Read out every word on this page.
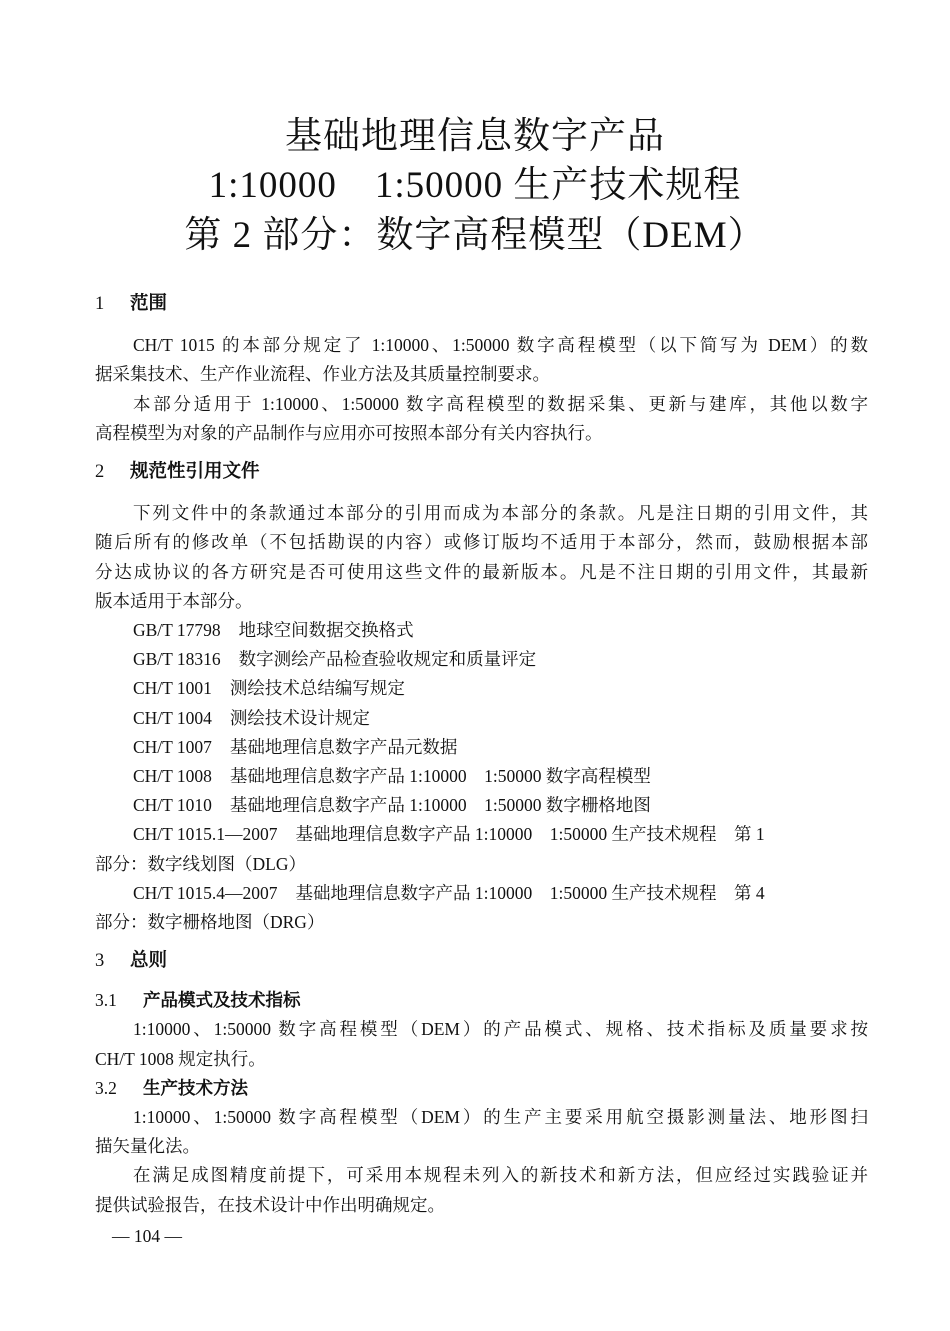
基础地理信息数字产品
1:10000　1:50000 生产技术规程
第 2 部分：数字高程模型（DEM）
1 范围
CH/T 1015 的本部分规定了 1:10000、1:50000 数字高程模型（以下简写为 DEM）的数
据采集技术、生产作业流程、作业方法及其质量控制要求。
本部分适用于 1:10000、1:50000 数字高程模型的数据采集、更新与建库，其他以数字
高程模型为对象的产品制作与应用亦可按照本部分有关内容执行。
2 规范性引用文件
下列文件中的条款通过本部分的引用而成为本部分的条款。凡是注日期的引用文件，其
随后所有的修改单（不包括勘误的内容）或修订版均不适用于本部分，然而，鼓励根据本部
分达成协议的各方研究是否可使用这些文件的最新版本。凡是不注日期的引用文件，其最新
版本适用于本部分。
GB/T 17798 地球空间数据交换格式
GB/T 18316 数字测绘产品检查验收规定和质量评定
CH/T 1001 测绘技术总结编写规定
CH/T 1004 测绘技术设计规定
CH/T 1007 基础地理信息数字产品元数据
CH/T 1008 基础地理信息数字产品 1:10000　1:50000 数字高程模型
CH/T 1010 基础地理信息数字产品 1:10000　1:50000 数字栅格地图
CH/T 1015.1—2007 基础地理信息数字产品 1:10000　1:50000 生产技术规程　第 1
部分：数字线划图（DLG）
CH/T 1015.4—2007 基础地理信息数字产品 1:10000　1:50000 生产技术规程　第 4
部分：数字栅格地图（DRG）
3 总则
3.1 产品模式及技术指标
1:10000、1:50000 数字高程模型（DEM）的产品模式、规格、技术指标及质量要求按
CH/T 1008 规定执行。
3.2 生产技术方法
1:10000、1:50000 数字高程模型（DEM）的生产主要采用航空摄影测量法、地形图扫
描矢量化法。
在满足成图精度前提下，可采用本规程未列入的新技术和新方法，但应经过实践验证并
提供试验报告，在技术设计中作出明确规定。
— 104 —
